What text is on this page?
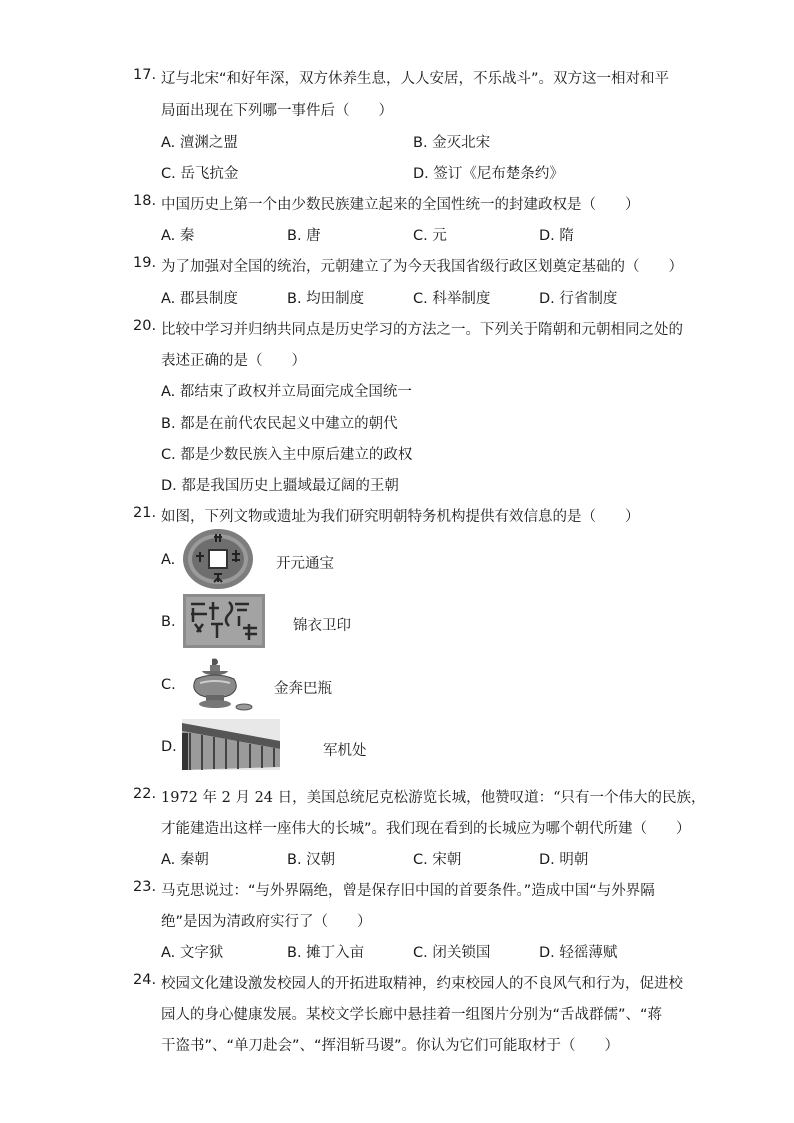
17. 辽与北宋“和好年深，双方休养生息，人人安居，不乐战斗”。双方这一相对和平
局面出现在下列哪一事件后（　　）
A. 澶渊之盟	B. 金灭北宋
C. 岳飞抗金	D. 签订《尼布楚条约》
18. 中国历史上第一个由少数民族建立起来的全国性统一的封建政权是（　　）
A. 秦	B. 唐	C. 元	D. 隋
19. 为了加强对全国的统治，元朝建立了为今天我国省级行政区划奠定基础的（　　）
A. 郡县制度	B. 均田制度	C. 科举制度	D. 行省制度
20. 比较中学习并归纳共同点是历史学习的方法之一。下列关于隋朝和元朝相同之处的
表述正确的是（　　）
A. 都结束了政权并立局面完成全国统一
B. 都是在前代农民起义中建立的朝代
C. 都是少数民族入主中原后建立的政权
D. 都是我国历史上疆域最辽阔的王朝
21. 如图，下列文物或遗址为我们研究明朝特务机构提供有效信息的是（　　）
A.	开元通宝
B.	锦衣卫印
C.	金奔巴瓶
D.	军机处
22. 1972 年 2 月 24 日，美国总统尼克松游览长城，他赞叹道：“只有一个伟大的民族，
才能建造出这样一座伟大的长城”。我们现在看到的长城应为哪个朝代所建（　　）
A. 秦朝	B. 汉朝	C. 宋朝	D. 明朝
23. 马克思说过：“与外界隔绝，曾是保存旧中国的首要条件。”造成中国“与外界隔
绝”是因为清政府实行了（　　）
A. 文字狱	B. 摊丁入亩	C. 闭关锁国	D. 轻徭薄赋
24. 校园文化建设激发校园人的开拓进取精神，约束校园人的不良风气和行为，促进校
园人的身心健康发展。某校文学长廊中悬挂着一组图片分别为“舌战群儒”、“蒋
干盗书”、“单刀赴会”、“挥泪斩马谡”。你认为它们可能取材于（　　）
